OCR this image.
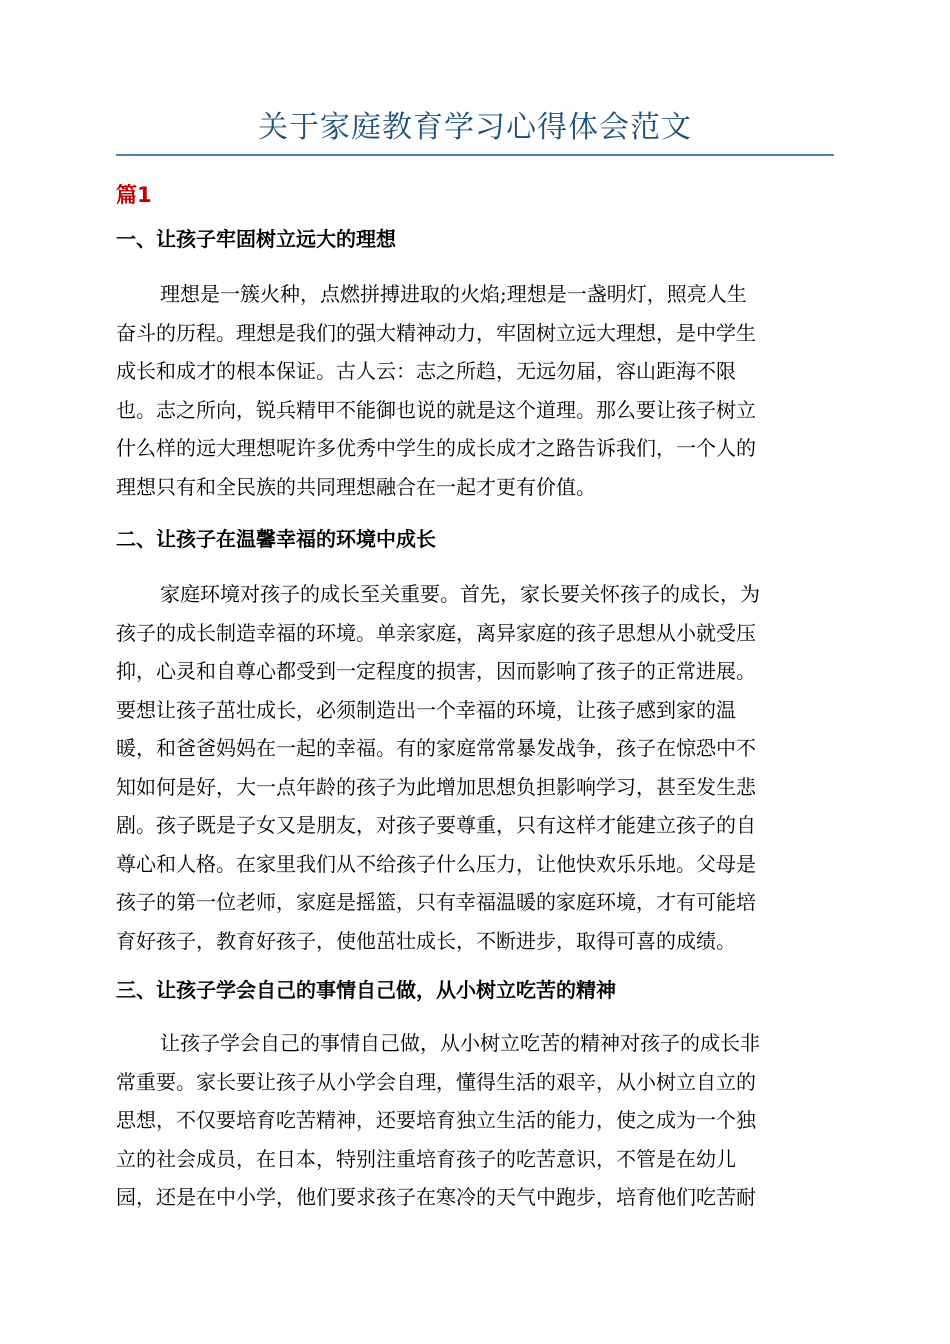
关于家庭教育学习心得体会范文
篇1
一、让孩子牢固树立远大的理想
理想是一簇火种，点燃拼搏进取的火焰;理想是一盏明灯，照亮人生
奋斗的历程。理想是我们的强大精神动力，牢固树立远大理想，是中学生
成长和成才的根本保证。古人云：志之所趋，无远勿届，容山距海不限
也。志之所向，锐兵精甲不能御也说的就是这个道理。那么要让孩子树立
什么样的远大理想呢许多优秀中学生的成长成才之路告诉我们，一个人的
理想只有和全民族的共同理想融合在一起才更有价值。
二、让孩子在温馨幸福的环境中成长
家庭环境对孩子的成长至关重要。首先，家长要关怀孩子的成长，为
孩子的成长制造幸福的环境。单亲家庭，离异家庭的孩子思想从小就受压
抑，心灵和自尊心都受到一定程度的损害，因而影响了孩子的正常进展。
要想让孩子茁壮成长，必须制造出一个幸福的环境，让孩子感到家的温
暖，和爸爸妈妈在一起的幸福。有的家庭常常暴发战争，孩子在惊恐中不
知如何是好，大一点年龄的孩子为此增加思想负担影响学习，甚至发生悲
剧。孩子既是子女又是朋友，对孩子要尊重，只有这样才能建立孩子的自
尊心和人格。在家里我们从不给孩子什么压力，让他快欢乐乐地。父母是
孩子的第一位老师，家庭是摇篮，只有幸福温暖的家庭环境，才有可能培
育好孩子，教育好孩子，使他茁壮成长，不断进步，取得可喜的成绩。
三、让孩子学会自己的事情自己做，从小树立吃苦的精神
让孩子学会自己的事情自己做，从小树立吃苦的精神对孩子的成长非
常重要。家长要让孩子从小学会自理，懂得生活的艰辛，从小树立自立的
思想，不仅要培育吃苦精神，还要培育独立生活的能力，使之成为一个独
立的社会成员，在日本，特别注重培育孩子的吃苦意识，不管是在幼儿
园，还是在中小学，他们要求孩子在寒冷的天气中跑步，培育他们吃苦耐
